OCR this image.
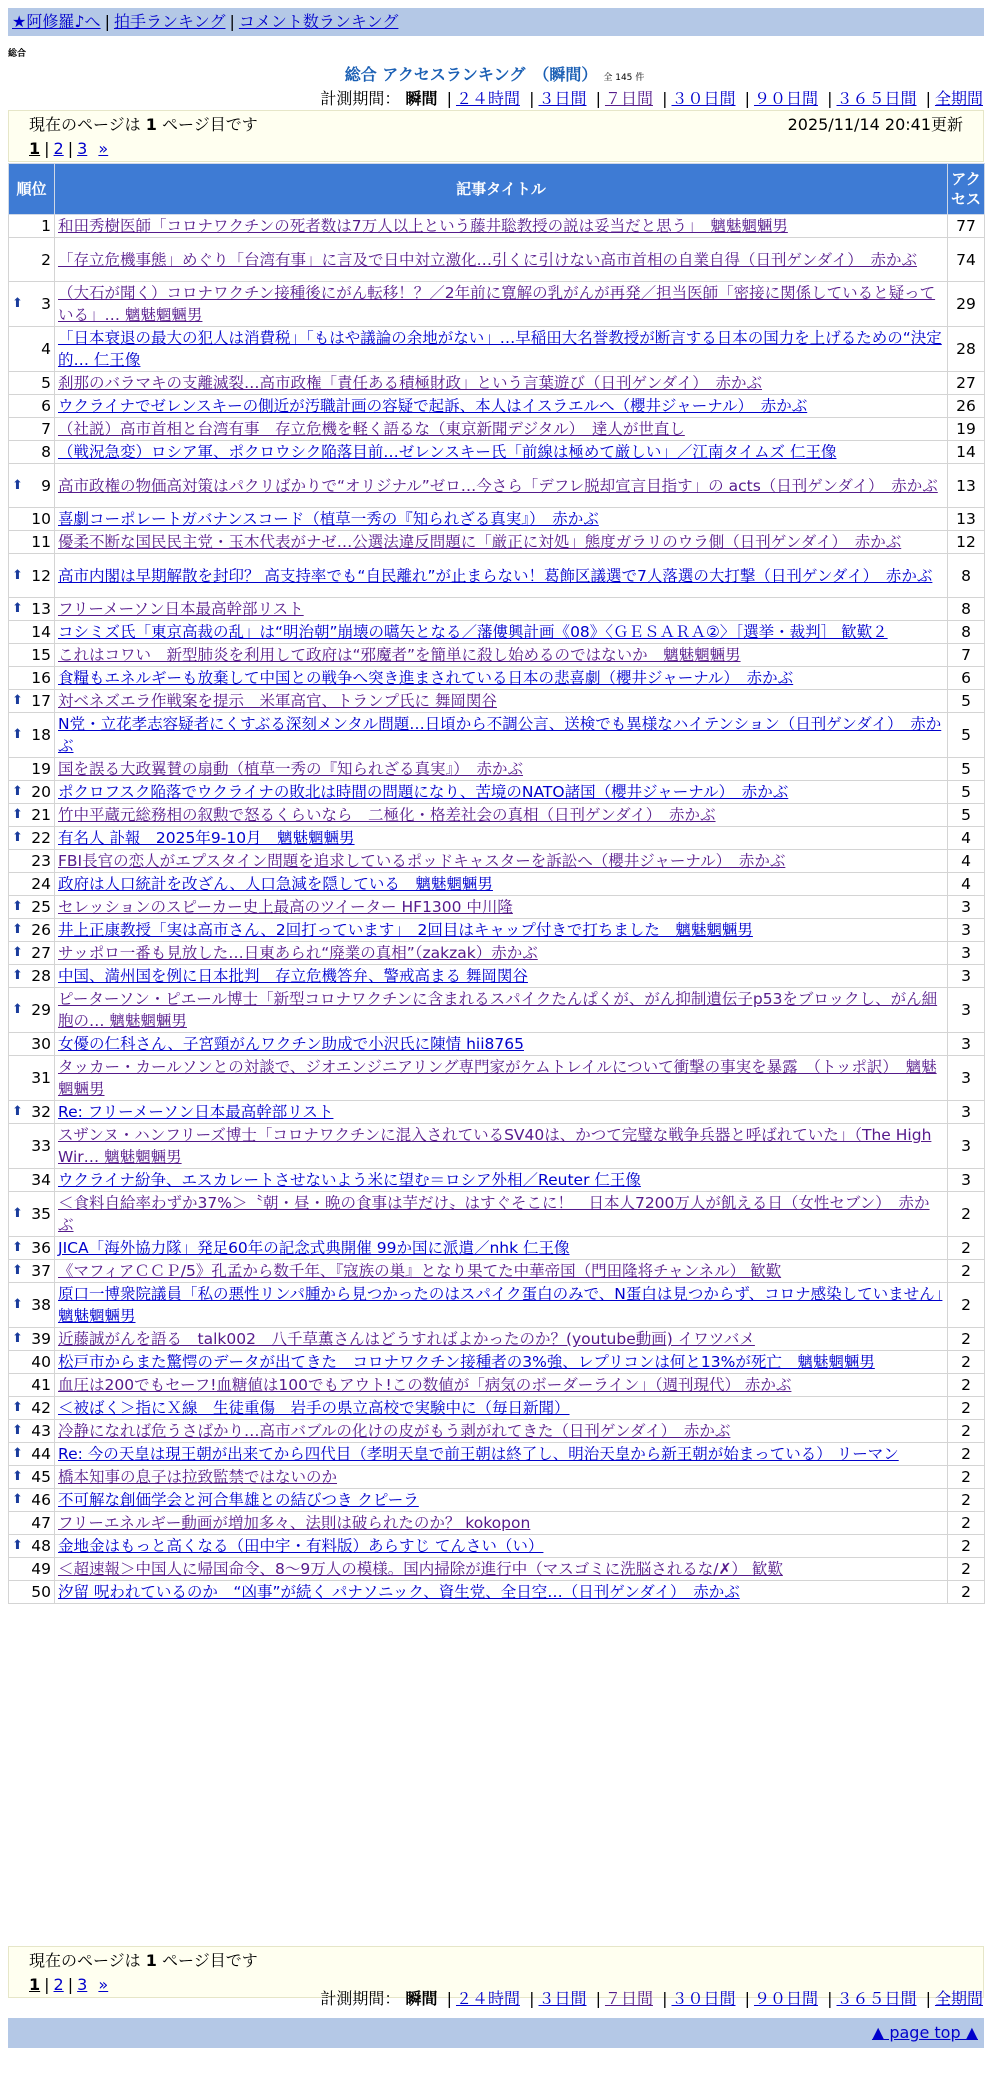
★阿修羅♪へ | 拍手ランキング | コメント数ランキング
総合
総合 アクセスランキング　（瞬間） 全 145 件
計測期間： 瞬間 | ２４時間 | ３日間 | ７日間 | ３０日間 | ９０日間 | ３６５日間 | 全期間
現在のページは 1 ページ目です	2025/11/14 20:41更新
1 | 2 | 3 »
順位	記事タイトル	アクセス
1	和田秀樹医師「コロナワクチンの死者数は7万人以上という藤井聡教授の説は妥当だと思う」　魑魅魍魎男	77
2	「存立危機事態」めぐり「台湾有事」に言及で日中対立激化…引くに引けない高市首相の自業自得（日刊ゲンダイ）　赤かぶ	74

⬆ 3	（大石が聞く）コロナワクチン接種後にがん転移！？／2年前に寛解の乳がんが再発／担当医師「密接に関係していると疑っている」… 魑魅魍魎男	29
4	「日本衰退の最大の犯人は消費税」「もはや議論の余地がない」…早稲田大名誉教授が断言する日本の国力を上げるための“決定的… 仁王像	28
5	刹那のバラマキの支離滅裂…高市政権「責任ある積極財政」という言葉遊び（日刊ゲンダイ）　赤かぶ	27
6	ウクライナでゼレンスキーの側近が汚職計画の容疑で起訴、本人はイスラエルへ（櫻井ジャーナル）　赤かぶ	26
7	（社説）高市首相と台湾有事　存立危機を軽く語るな（東京新聞デジタル）　達人が世直し	19
8	（戦況急変）ロシア軍、ポクロウシク陥落目前…ゼレンスキー氏「前線は極めて厳しい」／江南タイムズ 仁王像	14

⬆ 9	高市政権の物価高対策はパクリばかりで“オリジナル”ゼロ…今さら「デフレ脱却宣言目指す」の acts（日刊ゲンダイ）　赤かぶ	13
10	喜劇コーポレートガバナンスコード（植草一秀の『知られざる真実』）　赤かぶ	13
11	優柔不断な国民民主党・玉木代表がナゼ…公選法違反問題に「厳正に対処」態度ガラリのウラ側（日刊ゲンダイ）　赤かぶ	12

⬆ 12	高市内閣は早期解散を封印？ 高支持率でも“自民離れ”が止まらない！葛飾区議選で7人落選の大打撃（日刊ゲンダイ）　赤かぶ	8

⬆ 13	フリーメーソン日本最高幹部リスト	8
14	コシミズ氏「東京高裁の乱」は“明治朝”崩壊の嚆矢となる／藩僂興計画《08》〈ＧＥＳＡＲＡ②〉［選挙・裁判］ 歓歎２	8
15	これはコワい　新型肺炎を利用して政府は“邪魔者”を簡単に殺し始めるのではないか　魑魅魍魎男	7
16	食糧もエネルギーも放棄して中国との戦争へ突き進まされている日本の悲喜劇（櫻井ジャーナル）　赤かぶ	6

⬆ 17	対ベネズエラ作戦案を提示　米軍高官、トランプ氏に 舞岡関谷	5

⬆ 18	N党・立花孝志容疑者にくすぶる深刻メンタル問題…日頃から不調公言、送検でも異様なハイテンション（日刊ゲンダイ）　赤かぶ	5
19	国を誤る大政翼賛の扇動（植草一秀の『知られざる真実』）　赤かぶ	5

⬆ 20	ポクロフスク陥落でウクライナの敗北は時間の問題になり、苦境のNATO諸国（櫻井ジャーナル）　赤かぶ	5

⬆ 21	竹中平蔵元総務相の叙勲で怒るくらいなら　二極化・格差社会の真相（日刊ゲンダイ）　赤かぶ	5

⬆ 22	有名人 訃報　2025年9-10月　魑魅魍魎男	4
23	FBI長官の恋人がエプスタイン問題を追求しているポッドキャスターを訴訟へ（櫻井ジャーナル）　赤かぶ	4
24	政府は人口統計を改ざん、人口急減を隠している　魑魅魍魎男	4

⬆ 25	セレッションのスピーカー史上最高のツイーター HF1300 中川隆	3

⬆ 26	井上正康教授「実は高市さん、2回打っています」　2回目はキャップ付きで打ちました　魑魅魍魎男	3

⬆ 27	サッポロ一番も見放した…日東あられ“廃業の真相”（zakzak）赤かぶ	3

⬆ 28	中国、満州国を例に日本批判　存立危機答弁、警戒高まる 舞岡関谷	3

⬆ 29	ピーターソン・ピエール博士「新型コロナワクチンに含まれるスパイクたんぱくが、がん抑制遺伝子p53をブロックし、がん細胞の… 魑魅魍魎男	3
30	女優の仁科さん、子宮頸がんワクチン助成で小沢氏に陳情 hii8765	3
31	タッカー・カールソンとの対談で、ジオエンジニアリング専門家がケムトレイルについて衝撃の事実を暴露　（トッポ訳）　魑魅魍魎男	3

⬆ 32	Re: フリーメーソン日本最高幹部リスト	3
33	スザンヌ・ハンフリーズ博士「コロナワクチンに混入されているSV40は、かつて完璧な戦争兵器と呼ばれていた」（The HighWir… 魑魅魍魎男	3
34	ウクライナ紛争、エスカレートさせないよう米に望む＝ロシア外相／Reuter 仁王像	3

⬆ 35	＜食料自給率わずか37%＞〝朝・昼・晩の食事は芋だけ〟はすぐそこに！　日本人7200万人が飢える日（女性セブン）　赤かぶ	2

⬆ 36	JICA「海外協力隊」発足60年の記念式典開催 99か国に派遣／nhk 仁王像	2

⬆ 37	《マフィアＣＣＰ/5》孔孟から数千年、『寇族の巣』となり果てた中華帝国（門田隆将チャンネル） 歓歎	2

⬆ 38	原口一博衆院議員「私の悪性リンパ腫から見つかったのはスパイク蛋白のみで、N蛋白は見つからず、コロナ感染していません」魑魅魍魎男	2

⬆ 39	近藤誠がんを語る　talk002　八千草薫さんはどうすればよかったのか？(youtube動画) イワツバメ	2
40	松戸市からまた驚愕のデータが出てきた　コロナワクチン接種者の3%強、レプリコンは何と13%が死亡　魑魅魍魎男	2
41	血圧は200でもセーフ!血糖値は100でもアウト!この数値が「病気のボーダーライン」（週刊現代） 赤かぶ	2

⬆ 42	＜被ばく＞指にＸ線　生徒重傷　岩手の県立高校で実験中に（毎日新聞）	2

⬆ 43	冷静になれば危うさばかり…高市バブルの化けの皮がもう剥がれてきた（日刊ゲンダイ）　赤かぶ	2

⬆ 44	Re: 今の天皇は現王朝が出来てから四代目（孝明天皇で前王朝は終了し、明治天皇から新王朝が始まっている） リーマン	2

⬆ 45	橋本知事の息子は拉致監禁ではないのか	2

⬆ 46	不可解な創価学会と河合隼雄との結びつき クピーラ	2
47	フリーエネルギー動画が増加多々、法則は破られたのか？ kokopon	2

⬆ 48	金地金はもっと高くなる（田中宇・有料版）あらすじ てんさい（い）	2
49	＜超速報＞中国人に帰国命令、8〜9万人の模様。国内掃除が進行中（マスゴミに洗脳されるな/✗） 歓歎	2
50	汐留 呪われているのか　“凶事”が続く パナソニック、資生党、全日空…（日刊ゲンダイ）　赤かぶ	2
現在のページは 1 ページ目です
1 | 2 | 3 »
計測期間： 瞬間 | ２４時間 | ３日間 | ７日間 | ３０日間 | ９０日間 | ３６５日間 | 全期間
▲ page top ▲
